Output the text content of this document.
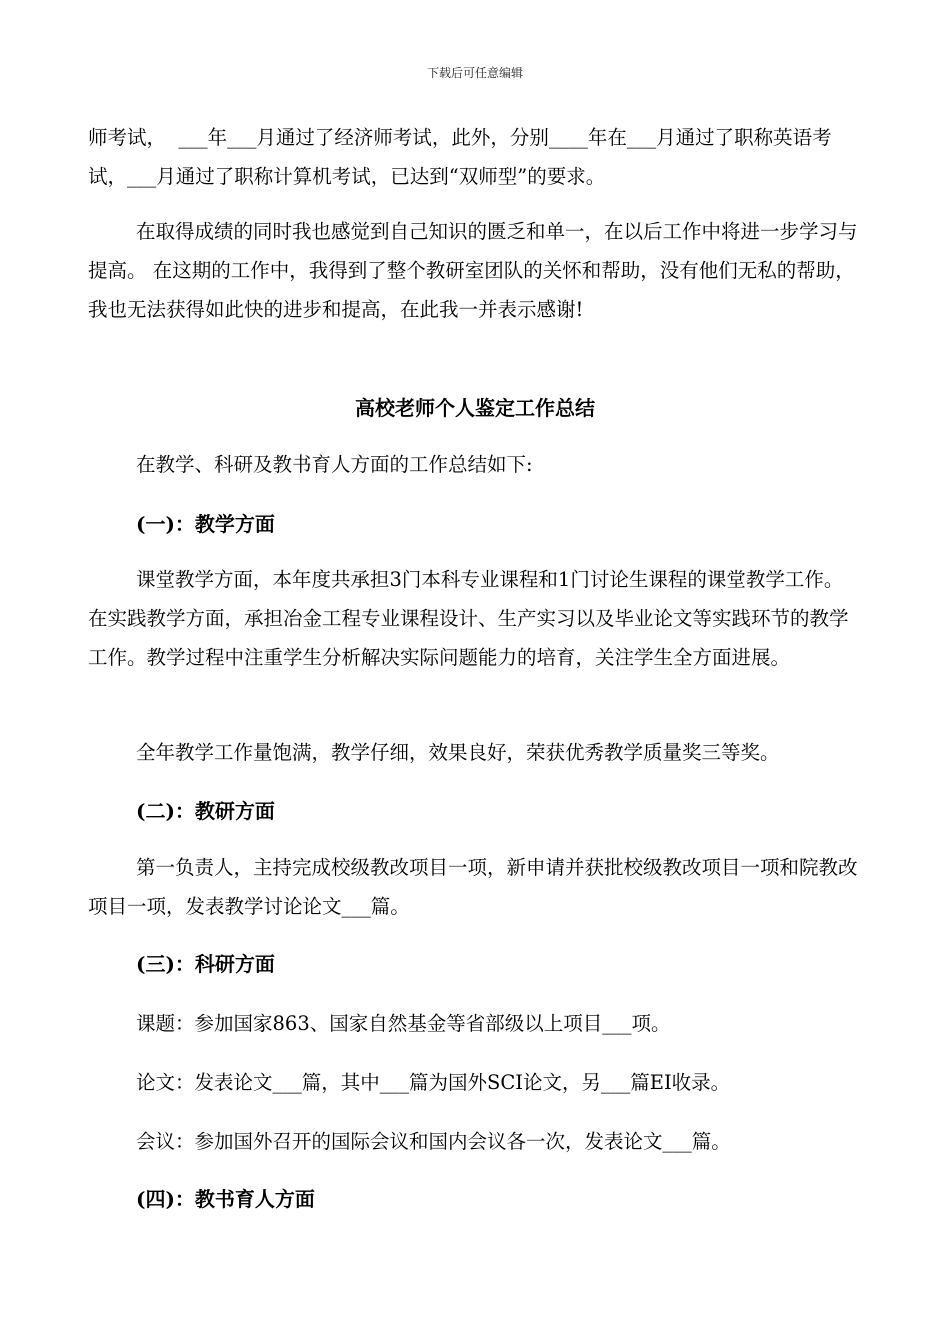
下载后可任意编辑

师考试，  ___年___月通过了经济师考试，此外，分别____年在___月通过了职称英语考试，___月通过了职称计算机考试，已达到“双师型”的要求。

在取得成绩的同时我也感觉到自己知识的匮乏和单一，在以后工作中将进一步学习与提高。 在这期的工作中，我得到了整个教研室团队的关怀和帮助，没有他们无私的帮助，我也无法获得如此快的进步和提高，在此我一并表示感谢!

高校老师个人鉴定工作总结
在教学、科研及教书育人方面的工作总结如下:
(一)：教学方面

课堂教学方面，本年度共承担3门本科专业课程和1门讨论生课程的课堂教学工作。在实践教学方面，承担冶金工程专业课程设计、生产实习以及毕业论文等实践环节的教学工作。教学过程中注重学生分析解决实际问题能力的培育，关注学生全方面进展。

全年教学工作量饱满，教学仔细，效果良好，荣获优秀教学质量奖三等奖。
(二)：教研方面

第一负责人，主持完成校级教改项目一项，新申请并获批校级教改项目一项和院教改项目一项，发表教学讨论论文___篇。

(三)：科研方面
课题：参加国家863、国家自然基金等省部级以上项目___项。
论文：发表论文___篇，其中___篇为国外SCI论文，另___篇EI收录。
会议：参加国外召开的国际会议和国内会议各一次，发表论文___篇。
(四)：教书育人方面
